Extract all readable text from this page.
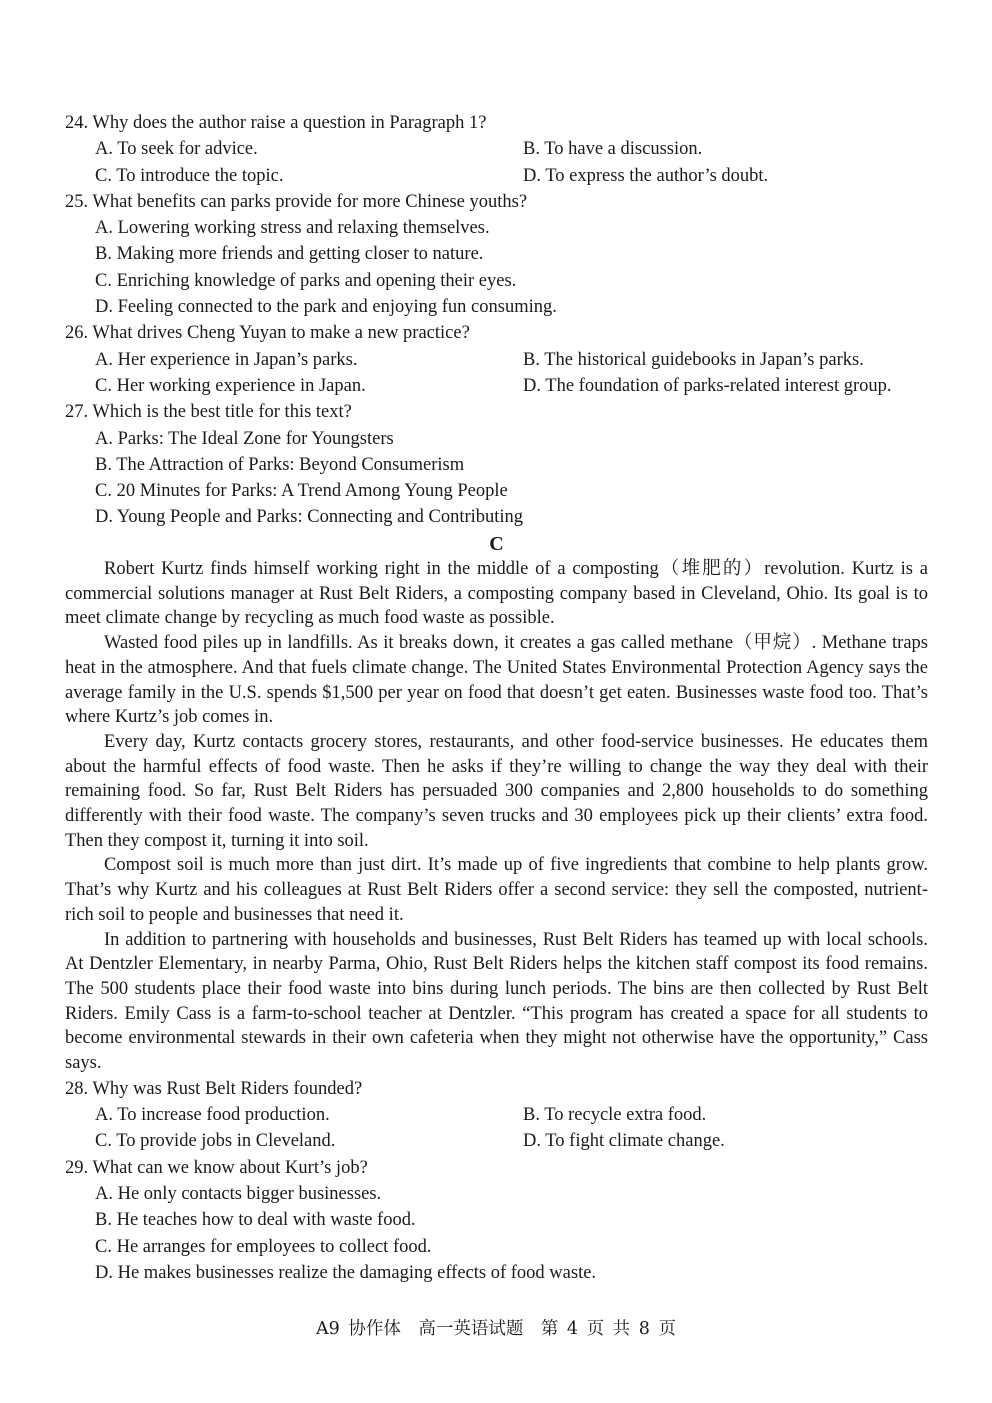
24. Why does the author raise a question in Paragraph 1?
A. To seek for advice.	B. To have a discussion.
C. To introduce the topic.	D. To express the author’s doubt.
25. What benefits can parks provide for more Chinese youths?
A. Lowering working stress and relaxing themselves.
B. Making more friends and getting closer to nature.
C. Enriching knowledge of parks and opening their eyes.
D. Feeling connected to the park and enjoying fun consuming.
26. What drives Cheng Yuyan to make a new practice?
A. Her experience in Japan’s parks.	B. The historical guidebooks in Japan’s parks.
C. Her working experience in Japan.	D. The foundation of parks-related interest group.
27. Which is the best title for this text?
A. Parks: The Ideal Zone for Youngsters
B. The Attraction of Parks: Beyond Consumerism
C. 20 Minutes for Parks: A Trend Among Young People
D. Young People and Parks: Connecting and Contributing
C

Robert Kurtz finds himself working right in the middle of a composting（堆肥的）revolution. Kurtz is a commercial solutions manager at Rust Belt Riders, a composting company based in Cleveland, Ohio. Its goal is to meet climate change by recycling as much food waste as possible.

Wasted food piles up in landfills. As it breaks down, it creates a gas called methane（甲烷）. Methane traps heat in the atmosphere. And that fuels climate change. The United States Environmental Protection Agency says the average family in the U.S. spends $1,500 per year on food that doesn’t get eaten. Businesses waste food too. That’s where Kurtz’s job comes in.

Every day, Kurtz contacts grocery stores, restaurants, and other food-service businesses. He educates them about the harmful effects of food waste. Then he asks if they’re willing to change the way they deal with their remaining food. So far, Rust Belt Riders has persuaded 300 companies and 2,800 households to do something differently with their food waste. The company’s seven trucks and 30 employees pick up their clients’ extra food. Then they compost it, turning it into soil.

Compost soil is much more than just dirt. It’s made up of five ingredients that combine to help plants grow. That’s why Kurtz and his colleagues at Rust Belt Riders offer a second service: they sell the composted, nutrient-rich soil to people and businesses that need it.

In addition to partnering with households and businesses, Rust Belt Riders has teamed up with local schools. At Dentzler Elementary, in nearby Parma, Ohio, Rust Belt Riders helps the kitchen staff compost its food remains. The 500 students place their food waste into bins during lunch periods. The bins are then collected by Rust Belt Riders. Emily Cass is a farm-to-school teacher at Dentzler. “This program has created a space for all students to become environmental stewards in their own cafeteria when they might not otherwise have the opportunity,” Cass says.

28. Why was Rust Belt Riders founded?
A. To increase food production.	B. To recycle extra food.
C. To provide jobs in Cleveland.	D. To fight climate change.
29. What can we know about Kurt’s job?
A. He only contacts bigger businesses.
B. He teaches how to deal with waste food.
C. He arranges for employees to collect food.
D. He makes businesses realize the damaging effects of food waste.
A9 协作体　高一英语试题　第 4 页 共 8 页
